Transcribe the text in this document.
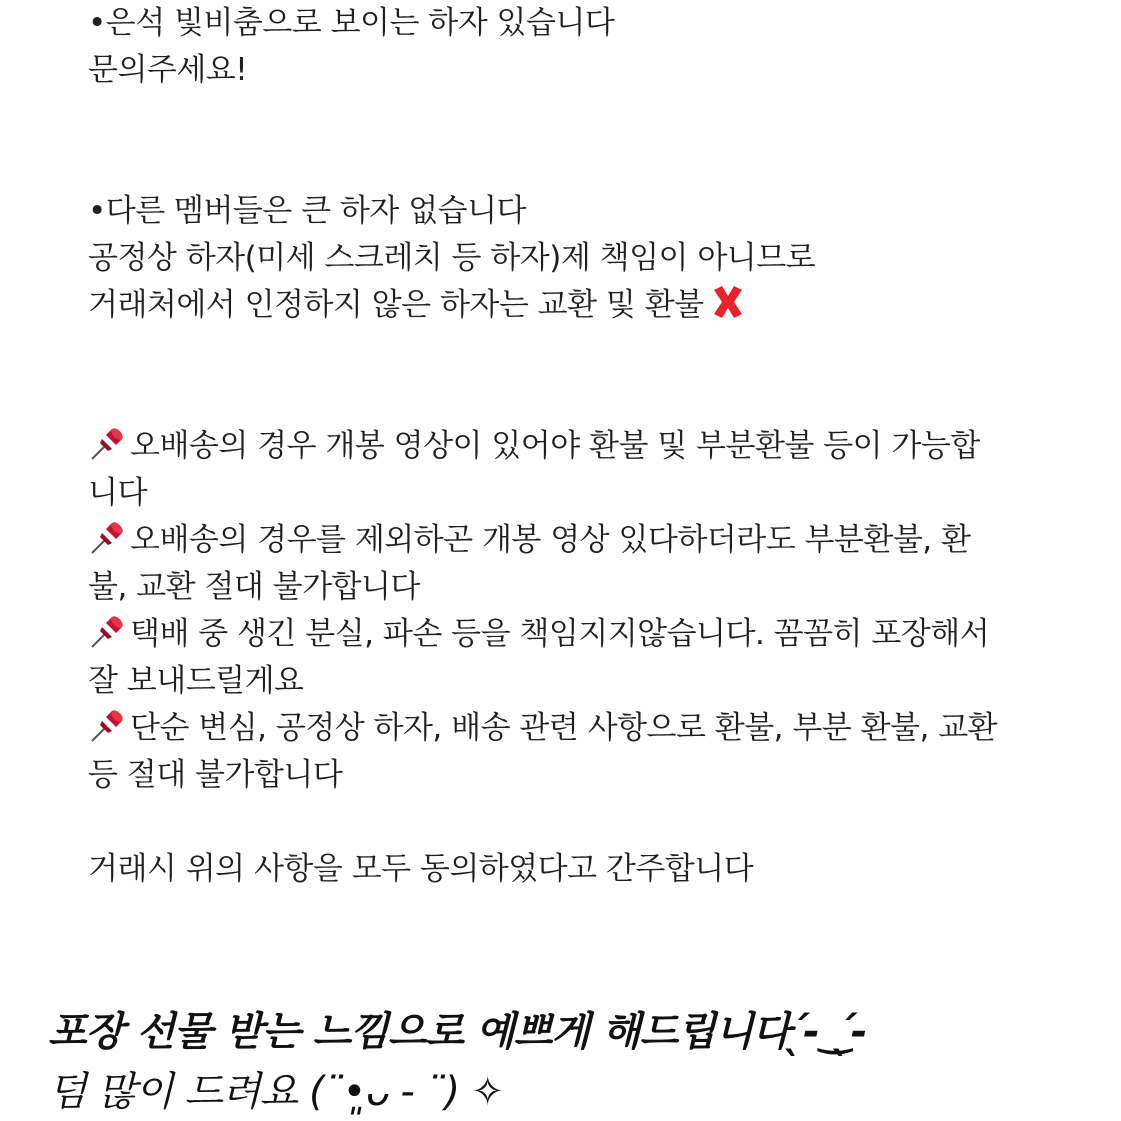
•은석 빛비춤으로 보이는 하자 있습니다
문의주세요!
•다른 멤버들은 큰 하자 없습니다
공정상 하자(미세 스크레치 등 하자)제 책임이 아니므로
거래처에서 인정하지 않은 하자는 교환 및 환불
오배송의 경우 개봉 영상이 있어야 환불 및 부분환불 등이 가능합
니다
오배송의 경우를 제외하곤 개봉 영상 있다하더라도 부분환불, 환
불, 교환 절대 불가합니다
택배 중 생긴 분실, 파손 등을 책임지지않습니다. 꼼꼼히 포장해서
잘 보내드릴게요
단순 변심, 공정상 하자, 배송 관련 사항으로 환불, 부분 환불, 교환
등 절대 불가합니다
거래시 위의 사항을 모두 동의하였다고 간주합니다
포장 선물 받는 느낌으로 예쁘게 해드립니다 ̖́-‿̖́-
덤 많이 드려요 (¨•͈ᴗ - ¨) ✧
